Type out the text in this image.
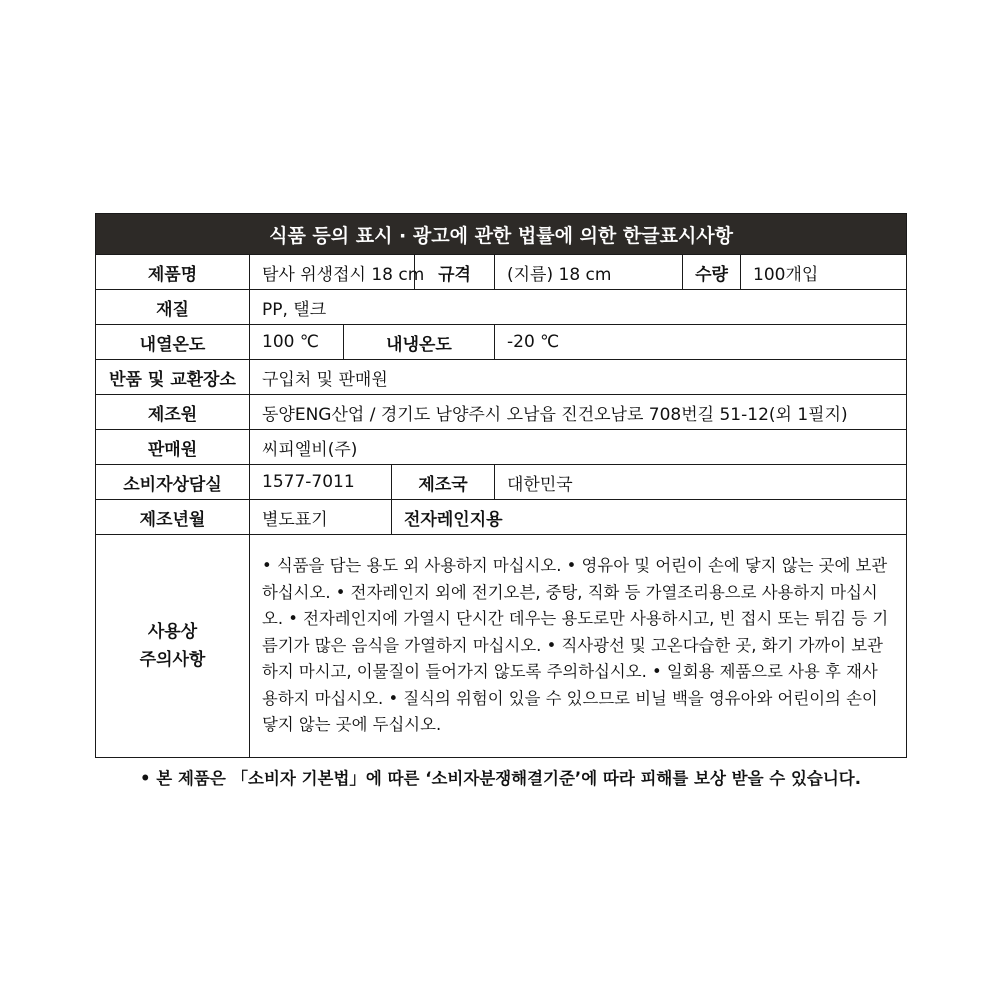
식품 등의 표시 · 광고에 관한 법률에 의한 한글표시사항							
제품명	탐사 위생접시 18 cm			규격	(지름) 18 cm	수량	100개입
재질	PP, 탤크						
내열온도	100 ℃	내냉온도			-20 ℃		
반품 및 교환장소	구입처 및 판매원						
제조원	동양ENG산업 / 경기도 남양주시 오남읍 진건오남로 708번길 51-12(외 1필지)						
판매원	씨피엘비(주)						
소비자상담실	1577-7011		제조국		대한민국		
제조년월	별도표기		전자레인지용				

사용상
주의사항	• 식품을 담는 용도 외 사용하지 마십시오. • 영유아 및 어린이 손에 닿지 않는 곳에 보관하십시오. • 전자레인지 외에 전기오븐, 중탕, 직화 등 가열조리용으로 사용하지 마십시오. • 전자레인지에 가열시 단시간 데우는 용도로만 사용하시고, 빈 접시 또는 튀김 등 기름기가 많은 음식을 가열하지 마십시오. • 직사광선 및 고온다습한 곳, 화기 가까이 보관하지 마시고, 이물질이 들어가지 않도록 주의하십시오. • 일회용 제품으로 사용 후 재사용하지 마십시오. • 질식의 위험이 있을 수 있으므로 비닐 백을 영유아와 어린이의 손이 닿지 않는 곳에 두십시오.						
• 본 제품은 「소비자 기본법」에 따른 ‘소비자분쟁해결기준’에 따라 피해를 보상 받을 수 있습니다.
